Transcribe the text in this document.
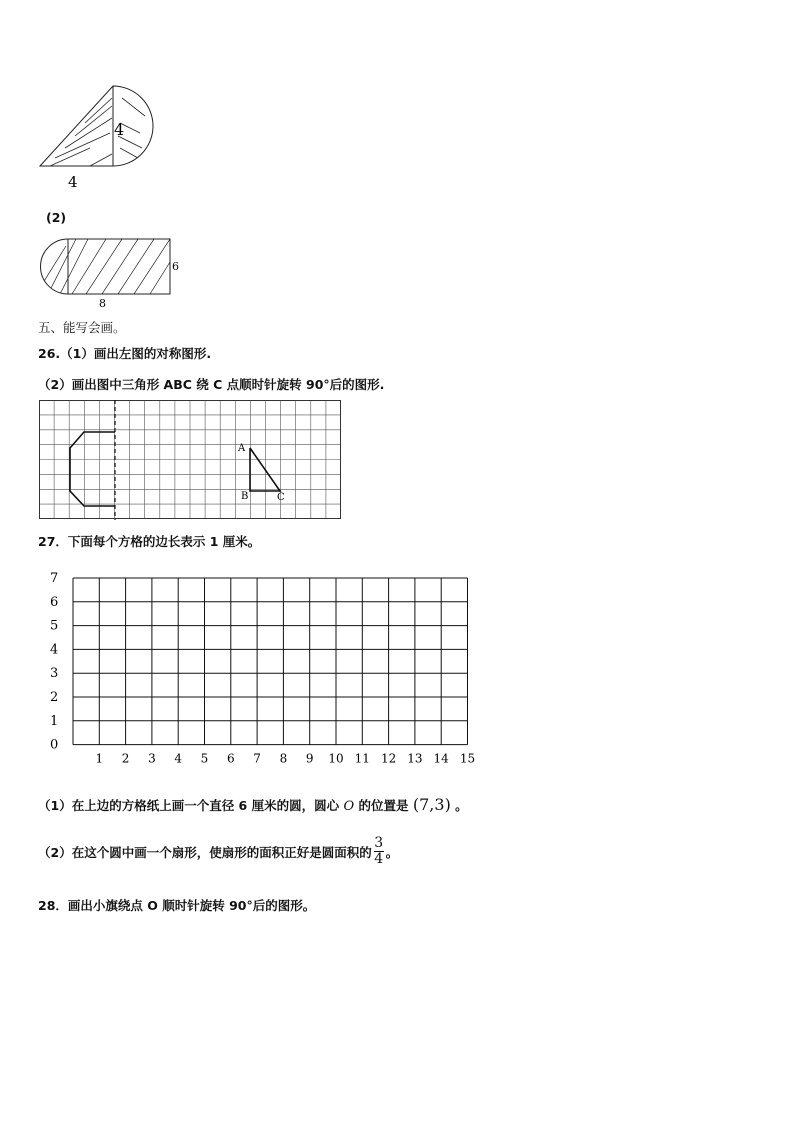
4
4
(2)
6
8
五、能写会画。
26.（1）画出左图的对称图形.
（2）画出图中三角形 ABC 绕 C 点顺时针旋转 90°后的图形.
A
B	C
27．下面每个方格的边长表示 1 厘米。
7
6
5
4
3
2
1
0
1 2 3 4 5 6 7 8 9 10 11 12 13 14 15
（1）在上边的方格纸上画一个直径 6 厘米的圆，圆心 O 的位置是 (7,3) 。
（2）在这个圆中画一个扇形，使扇形的面积正好是圆面积的 $\frac{3}{4}$ 。
28．画出小旗绕点 O 顺时针旋转 90°后的图形。
